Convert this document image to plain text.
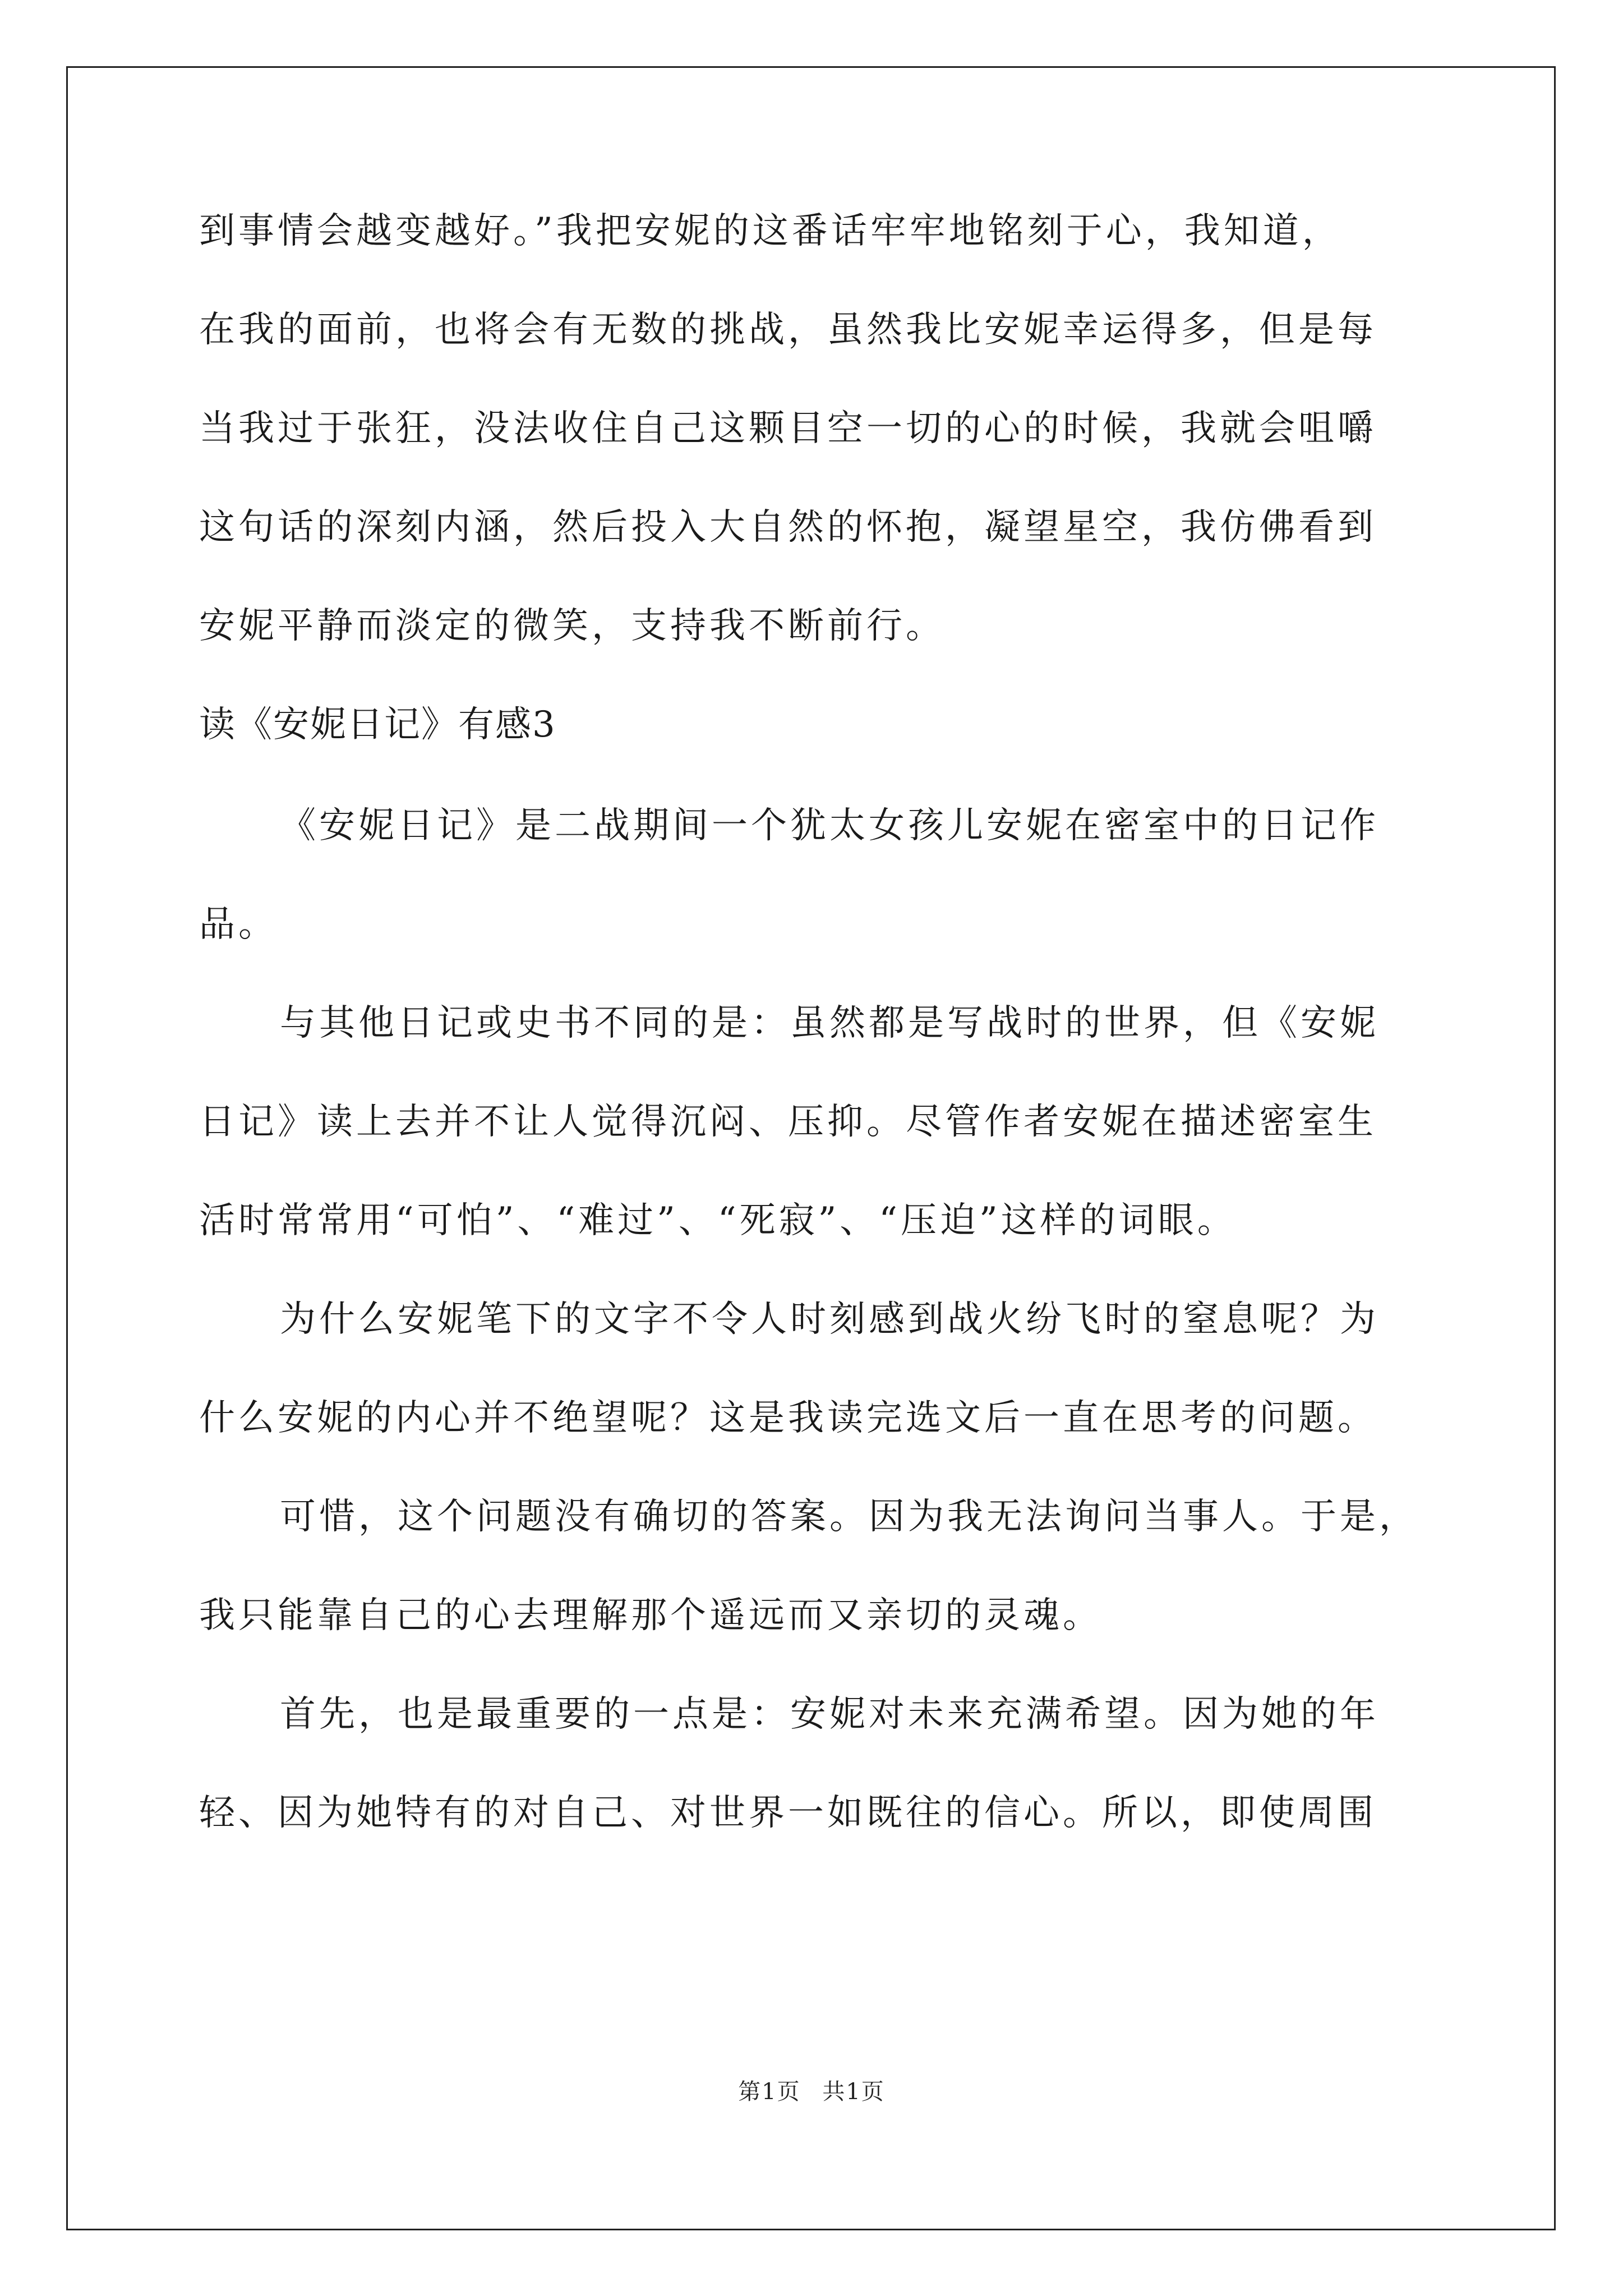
到事情会越变越好。”我把安妮的这番话牢牢地铭刻于心，我知道，
在我的面前，也将会有无数的挑战，虽然我比安妮幸运得多，但是每
当我过于张狂，没法收住自己这颗目空一切的心的时候，我就会咀嚼
这句话的深刻内涵，然后投入大自然的怀抱，凝望星空，我仿佛看到
安妮平静而淡定的微笑，支持我不断前行。
读《安妮日记》有感3
《安妮日记》是二战期间一个犹太女孩儿安妮在密室中的日记作
品。
与其他日记或史书不同的是：虽然都是写战时的世界，但《安妮
日记》读上去并不让人觉得沉闷、压抑。尽管作者安妮在描述密室生
活时常常用“可怕”、“难过”、“死寂”、“压迫”这样的词眼。
为什么安妮笔下的文字不令人时刻感到战火纷飞时的窒息呢？为
什么安妮的内心并不绝望呢？这是我读完选文后一直在思考的问题。
可惜，这个问题没有确切的答案。因为我无法询问当事人。于是，
我只能靠自己的心去理解那个遥远而又亲切的灵魂。
首先，也是最重要的一点是：安妮对未来充满希望。因为她的年
轻、因为她特有的对自己、对世界一如既往的信心。所以，即使周围
第1页 共1页
